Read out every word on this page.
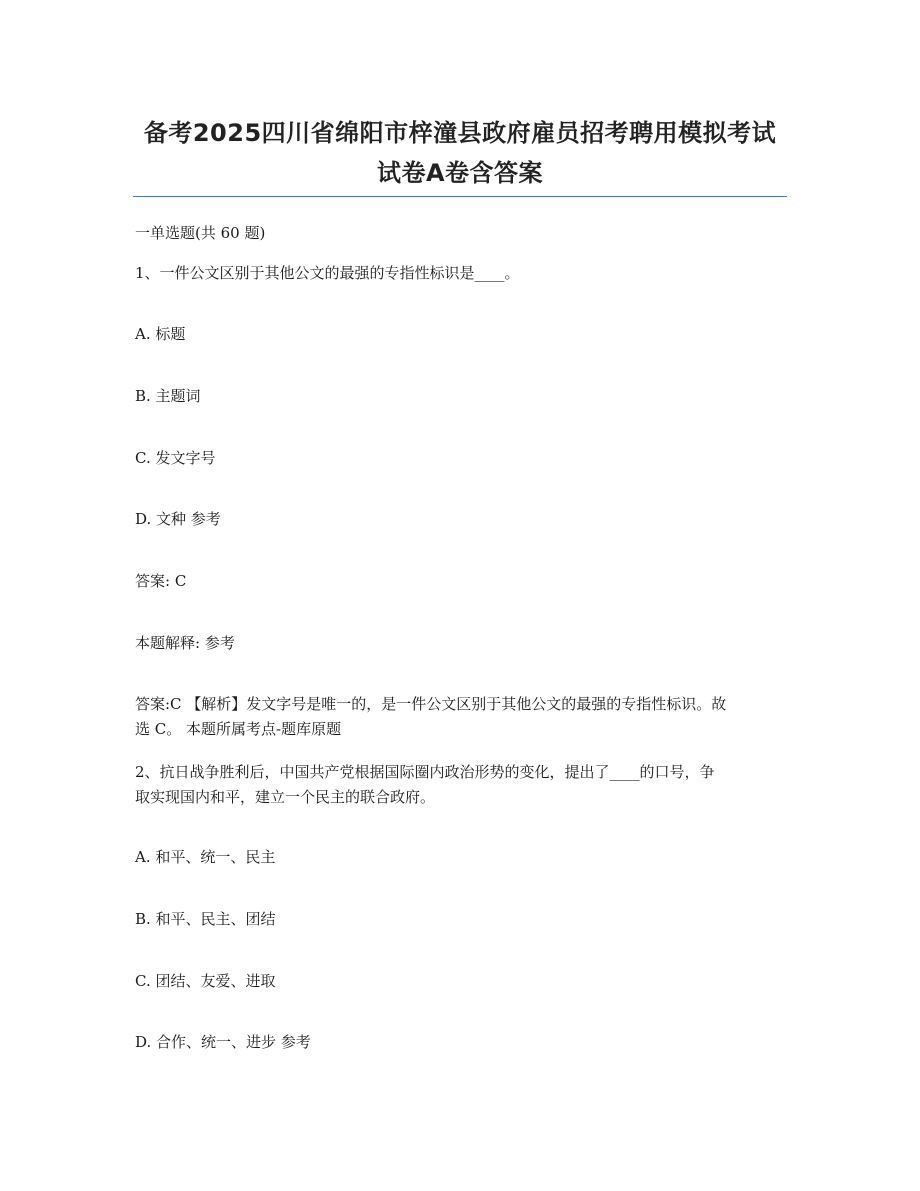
备考2025四川省绵阳市梓潼县政府雇员招考聘用模拟考试
试卷A卷含答案
一单选题(共 60 题)
1、一件公文区别于其他公文的最强的专指性标识是____。
A. 标题
B. 主题词
C. 发文字号
D. 文种 参考
答案: C
本题解释: 参考
答案:C 【解析】发文字号是唯一的，是一件公文区别于其他公文的最强的专指性标识。故
选 C。 本题所属考点-题库原题
2、抗日战争胜利后，中国共产党根据国际圈内政治形势的变化，提出了____的口号，争
取实现国内和平，建立一个民主的联合政府。
A. 和平、统一、民主
B. 和平、民主、团结
C. 团结、友爱、进取
D. 合作、统一、进步 参考
